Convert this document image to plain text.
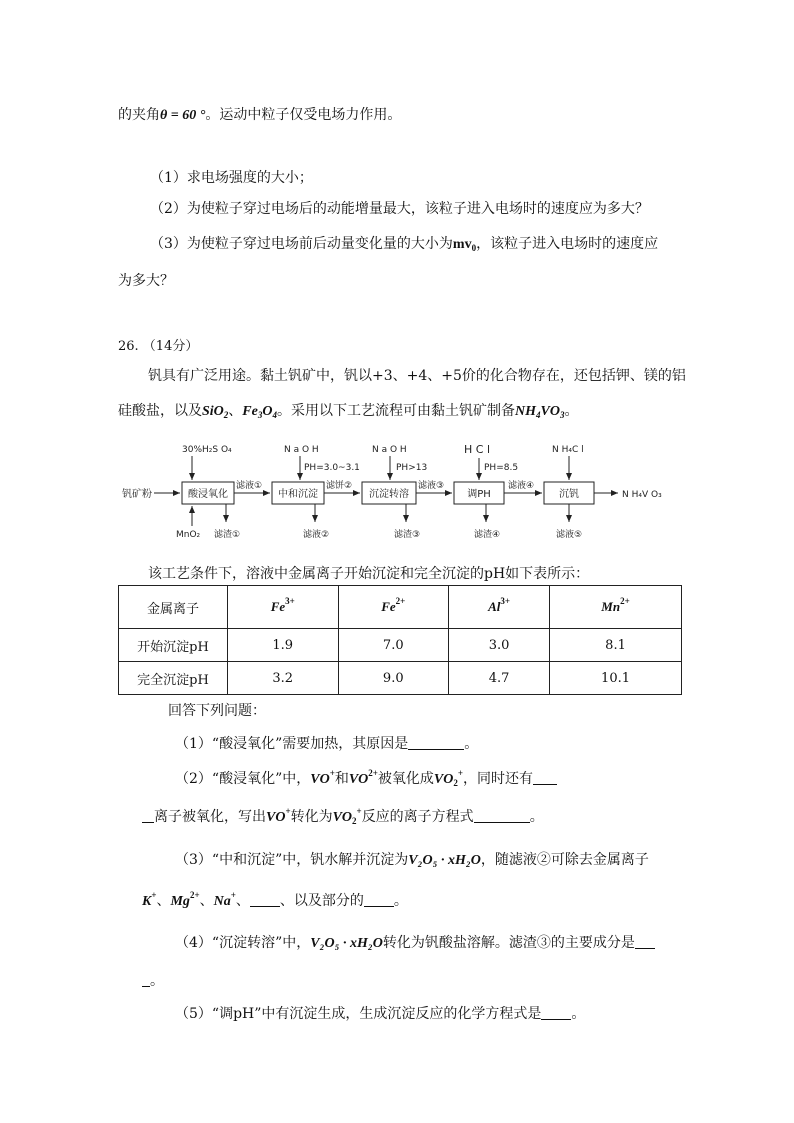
的夹角θ = 60 °。运动中粒子仅受电场力作用。
（1）求电场强度的大小；
（2）为使粒子穿过电场后的动能增量最大，该粒子进入电场时的速度应为多大？
（3）为使粒子穿过电场前后动量变化量的大小为$mv_0$，该粒子进入电场时的速度应
为多大？
26. （14分）
钒具有广泛用途。黏土钒矿中，钒以+3、+4、+5价的化合物存在，还包括钾、镁的铝
硅酸盐，以及SiO$_2$、$Fe_3O_4$。采用以下工艺流程可由黏土钒矿制备$NH_4VO_3$。
钒矿粉	酸浸氧化
30%H₂S O₄
MnO₂ 滤渣①
滤液①
中和沉淀
N a O H
PH=3.0~3.1
滤液②
滤饼②
沉淀转溶
N a O H
PH>13
滤渣③
滤液③
调PH
H C l
PH=8.5
滤渣④
滤液④
沉钒
N H₄C l
滤液⑤
N H₄V O₃
该工艺条件下，溶液中金属离子开始沉淀和完全沉淀的pH如下表所示：
金属离子	$Fe^{3+}$	$Fe^{2+}$	$Al^{3+}$	$Mn^{2+}$
开始沉淀pH	1.9	7.0	3.0	8.1
完全沉淀pH	3.2	9.0	4.7	10.1
回答下列问题：
（1）“酸浸氧化”需要加热，其原因是	。
（2）“酸浸氧化”中，VO+和$VO^{2+}$被氧化成$VO_2^+$，同时还有
离子被氧化，写出VO+转化为$VO_2^+$反应的离子方程式	。
（3）“中和沉淀”中，钒水解并沉淀为V₂O₅ · xH₂O，随滤液②可除去金属离子
K+、$Mg^{2+}$、Na+、 、以及部分的 。
（4）“沉淀转溶”中，V₂O₅ · xH₂O转化为钒酸盐溶解。滤渣③的主要成分是
。
（5）“调pH”中有沉淀生成，生成沉淀反应的化学方程式是 。
